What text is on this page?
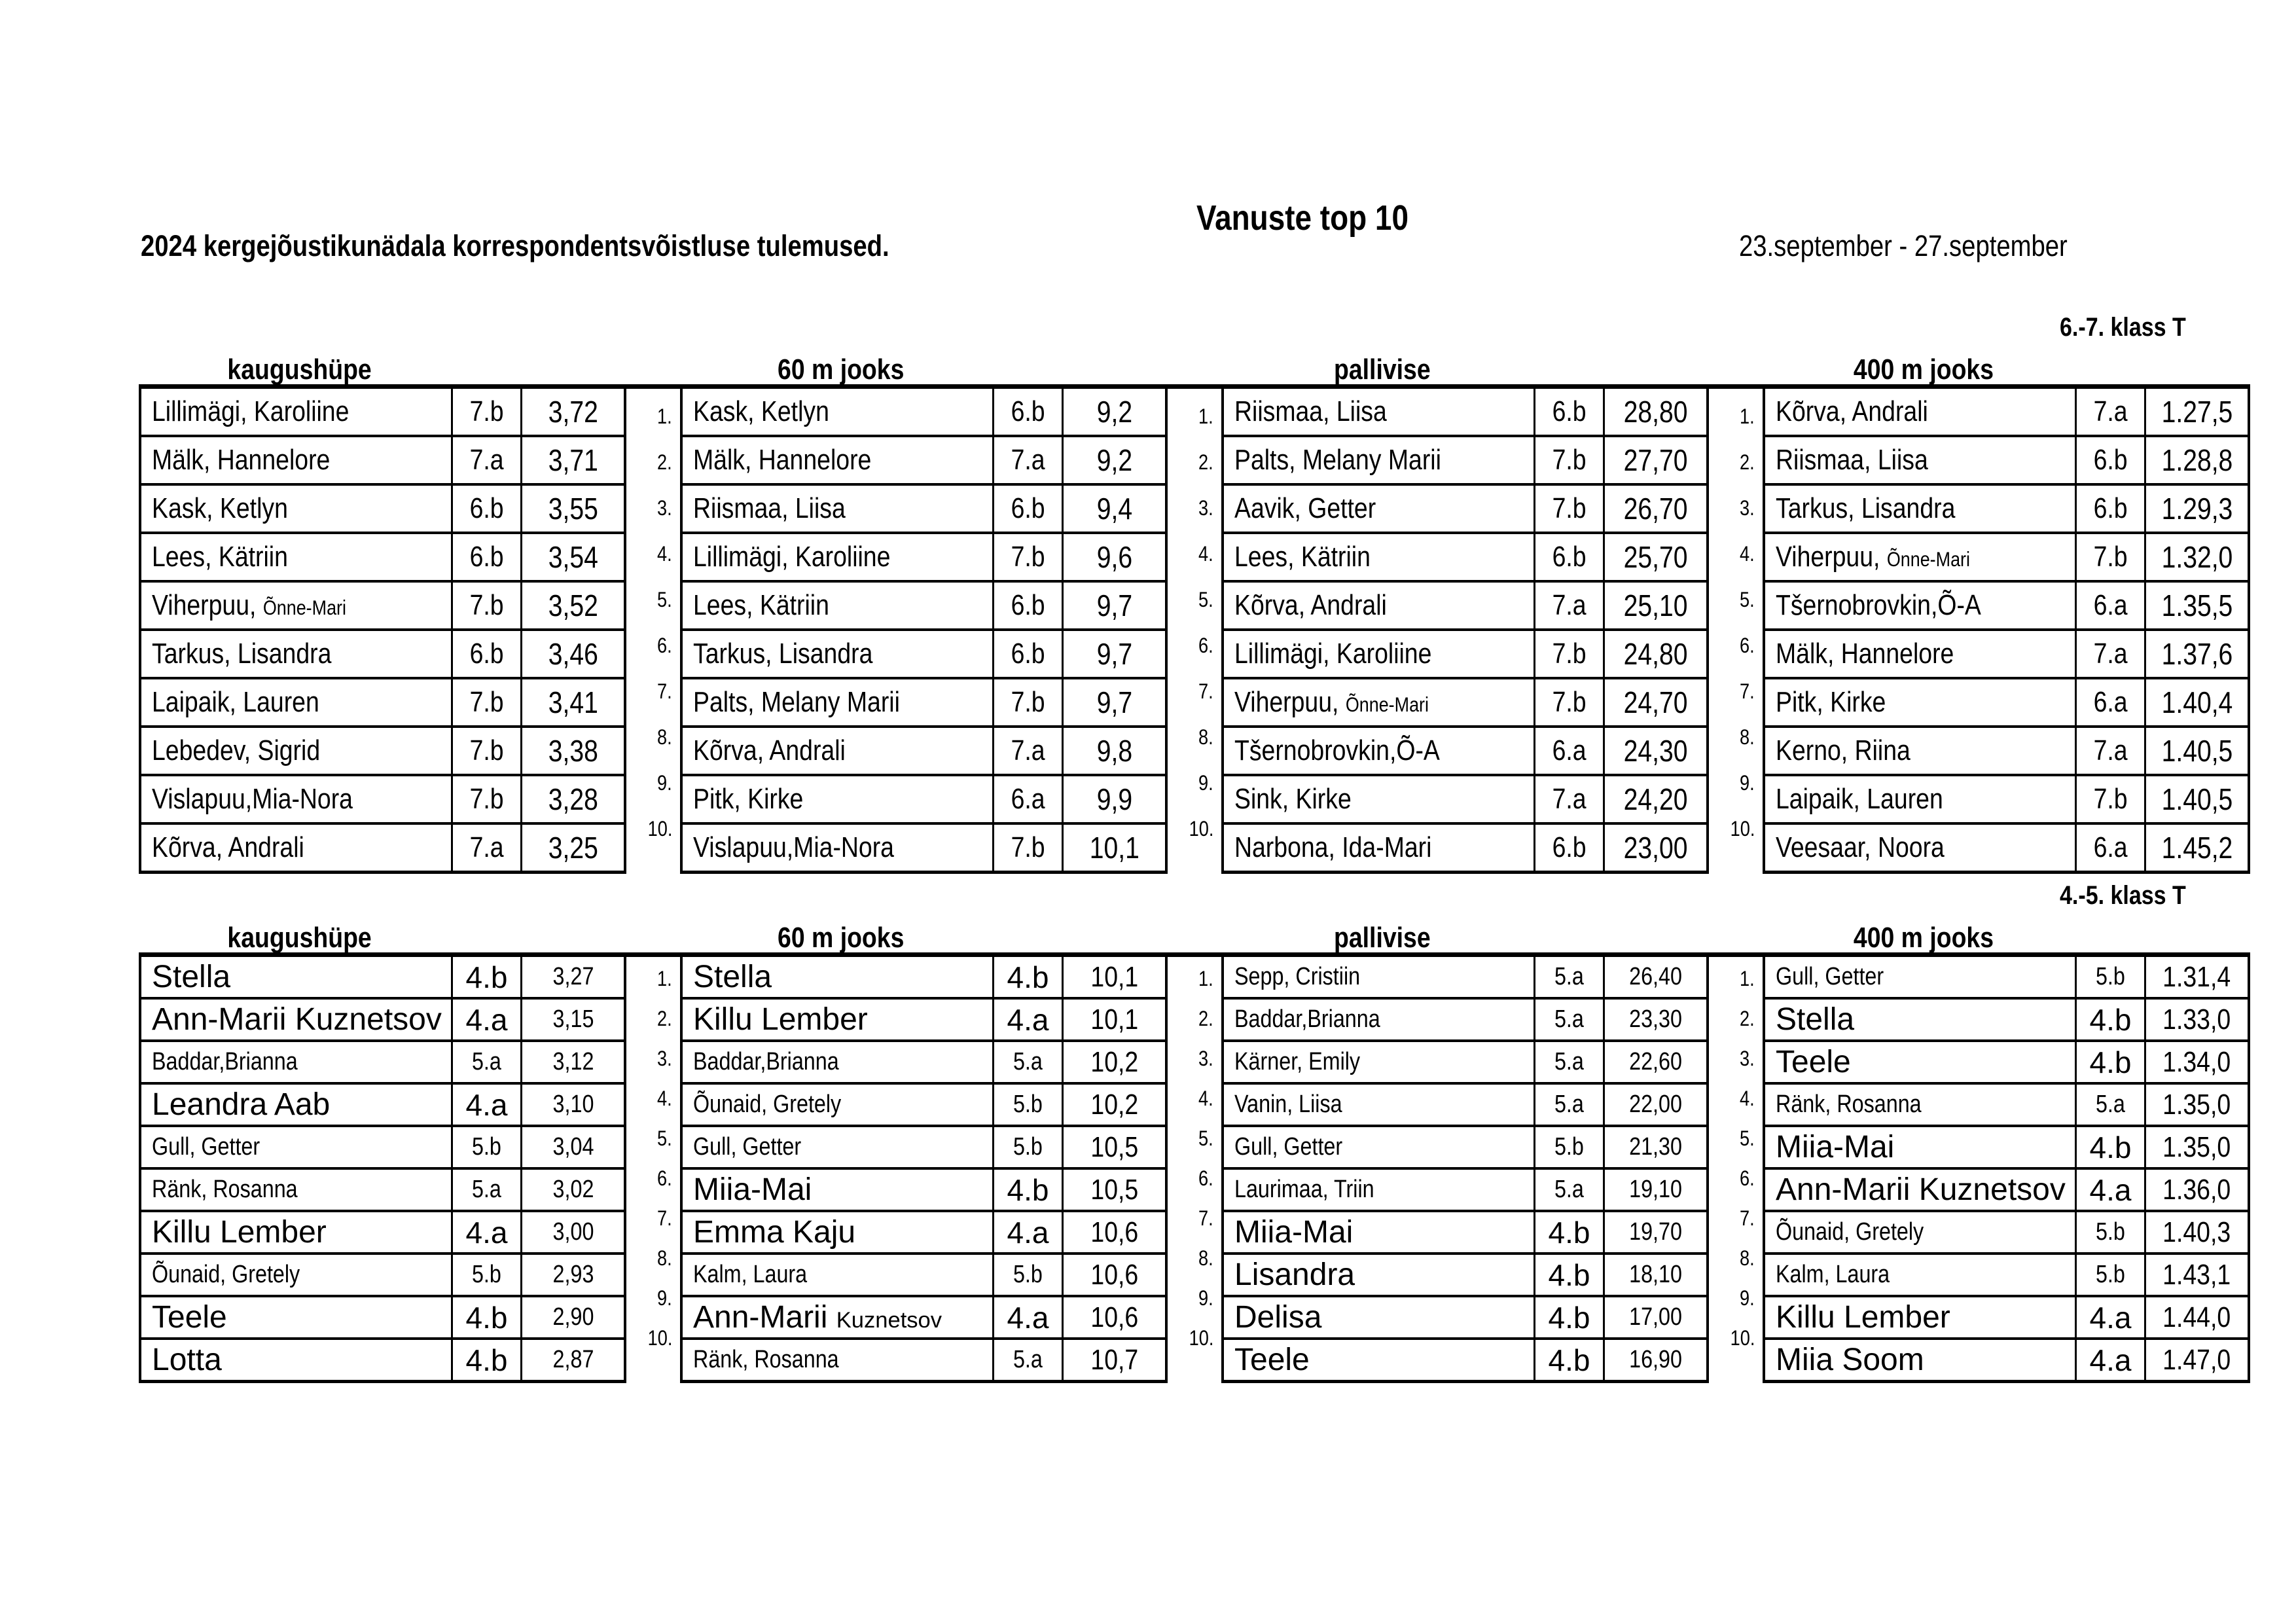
Vanuste top 10
2024 kergejõustikunädala korrespondentsvõistluse tulemused.	23.september - 27.september
6.-7. klass T
kaugushüpe	60 m jooks	pallivise	400 m jooks
Lillimägi, Karoliine	7.b 3,72
Mälk, Hannelore	7.a 3,71
Kask, Ketlyn	6.b 3,55
Lees, Kätriin	6.b 3,54
Viherpuu, Õnne-Mari	7.b 3,52
Tarkus, Lisandra	6.b 3,46
Laipaik, Lauren	7.b 3,41
Lebedev, Sigrid	7.b 3,38
Vislapuu,Mia-Nora	7.b 3,28
Kõrva, Andrali	7.a 3,25
1.
2.
3.
4.
5.
6.
7.
8.
9.
10.
Kask, Ketlyn	6.b 9,2
Mälk, Hannelore	7.a 9,2
Riismaa, Liisa	6.b 9,4
Lillimägi, Karoliine	7.b 9,6
Lees, Kätriin	6.b 9,7
Tarkus, Lisandra	6.b 9,7
Palts, Melany Marii	7.b 9,7
Kõrva, Andrali	7.a 9,8
Pitk, Kirke	6.a 9,9
Vislapuu,Mia-Nora	7.b 10,1
1.
2.
3.
4.
5.
6.
7.
8.
9.
10.
Riismaa, Liisa	6.b 28,80
Palts, Melany Marii	7.b 27,70
Aavik, Getter	7.b 26,70
Lees, Kätriin	6.b 25,70
Kõrva, Andrali	7.a 25,10
Lillimägi, Karoliine	7.b 24,80
Viherpuu, Õnne-Mari	7.b 24,70
Tšernobrovkin,Õ-A	6.a 24,30
Sink, Kirke	7.a 24,20
Narbona, Ida-Mari	6.b 23,00
1.
2.
3.
4.
5.
6.
7.
8.
9.
10.
Kõrva, Andrali	7.a 1.27,5
Riismaa, Liisa	6.b 1.28,8
Tarkus, Lisandra	6.b 1.29,3
Viherpuu, Õnne-Mari	7.b 1.32,0
Tšernobrovkin,Õ-A	6.a 1.35,5
Mälk, Hannelore	7.a 1.37,6
Pitk, Kirke	6.a 1.40,4
Kerno, Riina	7.a 1.40,5
Laipaik, Lauren	7.b 1.40,5
Veesaar, Noora	6.a 1.45,2
4.-5. klass T
kaugushüpe	60 m jooks	pallivise	400 m jooks
Stella	4.b 3,27
Ann-Marii Kuznetsov 4.a 3,15
Baddar,Brianna	5.a 3,12
Leandra Aab	4.a 3,10
Gull, Getter	5.b 3,04
Ränk, Rosanna	5.a 3,02
Killu Lember	4.a 3,00
Õunaid, Gretely	5.b 2,93
Teele	4.b 2,90
Lotta	4.b 2,87
1.
2.
3.
4.
5.
6.
7.
8.
9.
10.
Stella	4.b 10,1
Killu Lember	4.a 10,1
Baddar,Brianna	5.a 10,2
Õunaid, Gretely	5.b 10,2
Gull, Getter	5.b 10,5
Miia-Mai	4.b 10,5
Emma Kaju	4.a 10,6
Kalm, Laura	5.b 10,6
Ann-Marii Kuznetsov 4.a 10,6
Ränk, Rosanna	5.a 10,7
1.
2.
3.
4.
5.
6.
7.
8.
9.
10.
Sepp, Cristiin	5.a 26,40
Baddar,Brianna	5.a 23,30
Kärner, Emily	5.a 22,60
Vanin, Liisa	5.a 22,00
Gull, Getter	5.b 21,30
Laurimaa, Triin	5.a 19,10
Miia-Mai	4.b 19,70
Lisandra	4.b 18,10
Delisa	4.b 17,00
Teele	4.b 16,90
1.
2.
3.
4.
5.
6.
7.
8.
9.
10.
Gull, Getter	5.b 1.31,4
Stella	4.b 1.33,0
Teele	4.b 1.34,0
Ränk, Rosanna	5.a 1.35,0
Miia-Mai	4.b 1.35,0
Ann-Marii Kuznetsov 4.a 1.36,0
Õunaid, Gretely	5.b 1.40,3
Kalm, Laura	5.b 1.43,1
Killu Lember	4.a 1.44,0
Miia Soom	4.a 1.47,0
